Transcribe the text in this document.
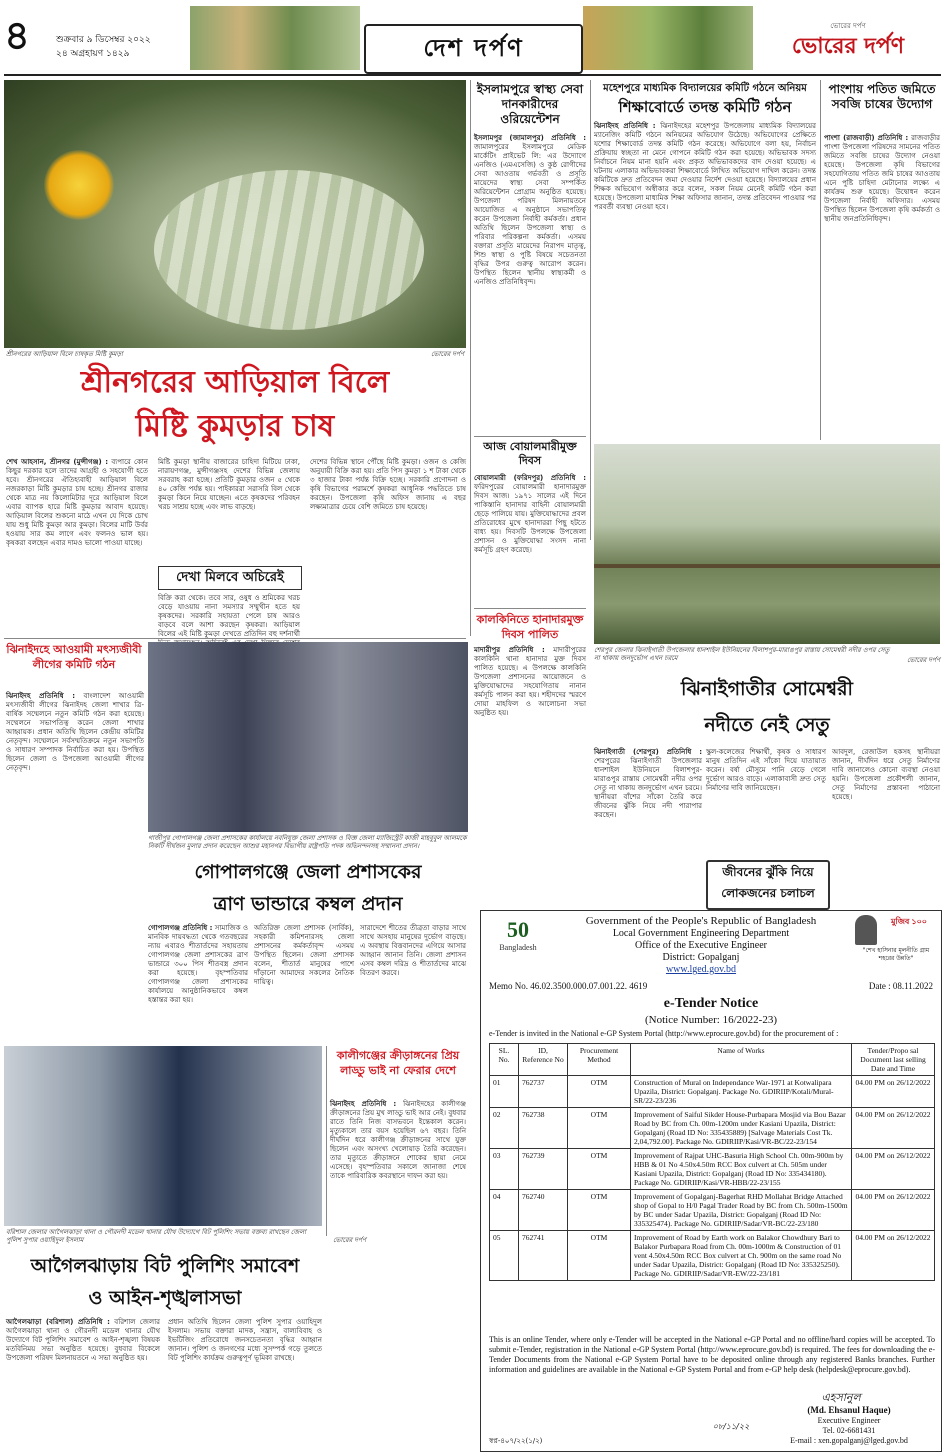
৪	শুক্রবার ৯ ডিসেম্বর ২০২২
২৪ অগ্রহায়ণ ১৪২৯	দেশ দর্পণ
ভোরের দর্পণ
ভোরের দর্পণ
শ্রীনগরের আড়িয়াল বিলে চাষকৃত মিষ্টি কুমড়া	ভোরের দর্পণ
শ্রীনগরের আড়িয়াল বিলে
মিষ্টি কুমড়ার চাষ
শেখ আহসান, শ্রীনগর (মুন্সীগঞ্জ) : ব্যপারে কোন কিছুর দরকার হলে তাদের আগ্রহী ও সহযোগী হতে হবে। শ্রীনগরের ঐতিহ্যবাহী আড়িয়াল বিলে নজরকাড়া মিষ্টি কুমড়ার চাষ হচ্ছে। শ্রীনগর রাজার থেকে মাত্র নয় কিলোমিটার দূরে আড়িয়াল বিলে এবার ব্যাপক হারে মিষ্টি কুমড়ার আবাদ হয়েছে। আড়িয়াল বিলের শুকনো মাঠে এখন যে দিকে চোখ যায় শুধু মিষ্টি কুমড়া আর কুমড়া। বিলের মাটি উর্বর হওয়ায় সার কম লাগে এবং ফলনও ভাল হয়। কৃষকরা বলছেন এবার দামও ভালো পাওয়া যাচ্ছে।
মিষ্টি কুমড়া স্থানীয় বাজারের চাহিদা মিটিয়ে ঢাকা, নারায়ণগঞ্জ, মুন্সীগঞ্জসহ দেশের বিভিন্ন জেলায় সরবরাহ করা হচ্ছে। প্রতিটি কুমড়ার ওজন ৫ থেকে ৪০ কেজি পর্যন্ত হয়। পাইকাররা সরাসরি বিল থেকে কুমড়া কিনে নিয়ে যাচ্ছেন। এতে কৃষকদের পরিবহন খরচ সাশ্রয় হচ্ছে এবং লাভ বাড়ছে।
দেশের বিভিন্ন স্থানে পৌঁছে মিষ্টি কুমড়া। ওজন ও কেজি অনুযায়ী বিক্রি করা হয়। প্রতি পিস কুমড়া ১ শ টাকা থেকে ৩ হাজার টাকা পর্যন্ত বিক্রি হচ্ছে। সরকারি প্রণোদনা ও কৃষি বিভাগের পরামর্শে কৃষকরা আধুনিক পদ্ধতিতে চাষ করছেন। উপজেলা কৃষি অফিস জানায় এ বছর লক্ষ্যমাত্রার চেয়ে বেশি জমিতে চাষ হয়েছে।
দেখা মিলবে অচিরেই
বিক্রি করা থেকে। তবে সার, ওষুধ ও শ্রমিকের খরচ বেড়ে যাওয়ায় নানা সমস্যার সম্মুখীন হতে হয় কৃষকদের। সরকারি সহায়তা পেলে চাষ আরও বাড়বে বলে আশা করছেন কৃষকরা। আড়িয়াল বিলের এই মিষ্টি কুমড়া দেখতে প্রতিদিন বহু দর্শনার্থী
ইসলামপুরে স্বাস্থ্য সেবা দানকারীদের ওরিয়েন্টেশন
ইসলামপুর (জামালপুর) প্রতিনিধি : জামালপুরের ইসলামপুরে মেডিক মার্কেটিং প্রাইভেট লি: এর উদ্যোগে এনজিও (এমএসেজি) ও কুষ্ঠ রোগীদের সেবা আওতায় গর্ভবতী ও প্রসূতি মায়েদের স্বাস্থ্য সেবা সম্পর্কিত অরিয়েন্টেশন প্রোগ্রাম অনুষ্ঠিত হয়েছে। উপজেলা পরিষদ মিলনায়তনে আয়োজিত এ অনুষ্ঠানে সভাপতিত্ব করেন উপজেলা নির্বাহী কর্মকর্তা। প্রধান অতিথি ছিলেন উপজেলা স্বাস্থ্য ও পরিবার পরিকল্পনা কর্মকর্তা। এসময় বক্তারা প্রসূতি মায়েদের নিরাপদ মাতৃত্ব, শিশু স্বাস্থ্য ও পুষ্টি বিষয়ে সচেতনতা বৃদ্ধির উপর গুরুত্ব আরোপ করেন। উপস্থিত ছিলেন স্থানীয় স্বাস্থ্যকর্মী ও এনজিও প্রতিনিধিবৃন্দ।
আজ বোয়ালমারীমুক্ত দিবস
বোয়ালমারী (ফরিদপুর) প্রতিনিধি : ফরিদপুরের বোয়ালমারী হানাদারমুক্ত দিবস আজ। ১৯৭১ সালের এই দিনে পাকিস্তানি হানাদার বাহিনী বোয়ালমারী ছেড়ে পালিয়ে যায়। মুক্তিযোদ্ধাদের প্রবল প্রতিরোধের মুখে হানাদাররা পিছু হটতে বাধ্য হয়। দিবসটি উপলক্ষে উপজেলা প্রশাসন ও মুক্তিযোদ্ধা সংসদ নানা কর্মসূচি গ্রহণ করেছে।
মহেশপুরে মাধ্যমিক বিদ্যালয়ের কমিটি গঠনে অনিয়ম
শিক্ষাবোর্ডে তদন্ত কমিটি গঠন
ঝিনাইদহ প্রতিনিধি : ঝিনাইদহের মহেশপুর উপজেলায় মাধ্যমিক বিদ্যালয়ের ম্যানেজিং কমিটি গঠনে অনিয়মের অভিযোগ উঠেছে। অভিযোগের প্রেক্ষিতে যশোর শিক্ষাবোর্ড তদন্ত কমিটি গঠন করেছে। অভিযোগে বলা হয়, নির্বাচন প্রক্রিয়ায় স্বচ্ছতা না মেনে গোপনে কমিটি গঠন করা হয়েছে। অভিভাবক সদস্য নির্বাচনে নিয়ম মানা হয়নি এবং প্রকৃত অভিভাবকদের বাদ দেওয়া হয়েছে। এ ঘটনায় এলাকার অভিভাবকরা শিক্ষাবোর্ডে লিখিত অভিযোগ দাখিল করেন। তদন্ত কমিটিকে দ্রুত প্রতিবেদন জমা দেওয়ার নির্দেশ দেওয়া হয়েছে। বিদ্যালয়ের প্রধান শিক্ষক অভিযোগ অস্বীকার করে বলেন, সকল নিয়ম মেনেই কমিটি গঠন করা হয়েছে। উপজেলা মাধ্যমিক শিক্ষা অফিসার জানান, তদন্ত প্রতিবেদন পাওয়ার পর পরবর্তী ব্যবস্থা নেওয়া হবে।
পাংশায় পতিত জমিতে সবজি চাষের উদ্যোগ
পাংশা (রাজবাড়ী) প্রতিনিধি : রাজবাড়ীর পাংশা উপজেলা পরিষদের সামনের পতিত জমিতে সবজি চাষের উদ্যোগ নেওয়া হয়েছে। উপজেলা কৃষি বিভাগের সহযোগিতায় পতিত জমি চাষের আওতায় এনে পুষ্টি চাহিদা মেটানোর লক্ষ্যে এ কার্যক্রম শুরু হয়েছে। উদ্বোধন করেন উপজেলা নির্বাহী অফিসার। এসময় উপস্থিত ছিলেন উপজেলা কৃষি কর্মকর্তা ও স্থানীয় জনপ্রতিনিধিবৃন্দ।
শেরপুর জেলার ঝিনাইগাতী উপজেলার ধানশাইল ইউনিয়নের বিলাশপুর-মারাঙপুর রাস্তায় সোমেশ্বরী নদীর ওপর সেতু না থাকায় জনদুর্ভোগ এখন চরমে	ভোরের দর্পণ
কালকিনিতে হানাদারমুক্ত দিবস পালিত
মাদারীপুর প্রতিনিধি : মাদারীপুরের কালকিনি থানা হানাদার মুক্ত দিবস পালিত হয়েছে। এ উপলক্ষে কালকিনি উপজেলা প্রশাসনের আয়োজনে ও মুক্তিযোদ্ধাদের সহযোগিতায় নানান কর্মসূচি পালন করা হয়। শহীদদের স্মরণে দোয়া মাহফিল ও আলোচনা সভা অনুষ্ঠিত হয়।
ঝিনাইগাতীর সোমেশ্বরী
নদীতে নেই সেতু
ঝিনাইগাতী (শেরপুর) প্রতিনিধি : শেরপুরের ঝিনাইগাতী উপজেলার ধানশাইল ইউনিয়নে বিলাশপুর-মারাঙপুর রাস্তায় সোমেশ্বরী নদীর ওপর সেতু না থাকায় জনদুর্ভোগ এখন চরমে। স্থানীয়রা বাঁশের সাঁকো তৈরি করে জীবনের ঝুঁকি নিয়ে নদী পারাপার করছেন।
জীবনের ঝুঁকি নিয়ে
লোকজনের চলাচল
স্কুল-কলেজের শিক্ষার্থী, কৃষক ও সাধারণ মানুষ প্রতিদিন এই সাঁকো দিয়ে যাতায়াত করেন। বর্ষা মৌসুমে পানি বেড়ে গেলে দুর্ভোগ আরও বাড়ে। এলাকাবাসী দ্রুত সেতু নির্মাণের দাবি জানিয়েছেন।
আবদুল, রেজাউল হকসহ স্থানীয়রা জানান, দীর্ঘদিন ধরে সেতু নির্মাণের দাবি জানালেও কোনো ব্যবস্থা নেওয়া হয়নি। উপজেলা প্রকৌশলী জানান, সেতু নির্মাণের প্রস্তাবনা পাঠানো হয়েছে।
ঝিনাইদহে আওয়ামী মৎস্যজীবী লীগের কমিটি গঠন
ঝিনাইদহ প্রতিনিধি : বাংলাদেশ আওয়ামী মৎস্যজীবী লীগের ঝিনাইদহ জেলা শাখার ত্রি-বার্ষিক সম্মেলনে নতুন কমিটি গঠন করা হয়েছে। সম্মেলনে সভাপতিত্ব করেন জেলা শাখার আহ্বায়ক। প্রধান অতিথি ছিলেন কেন্দ্রীয় কমিটির নেতৃবৃন্দ। সম্মেলনে সর্বসম্মতিক্রমে নতুন সভাপতি ও সাধারণ সম্পাদক নির্বাচিত করা হয়। উপস্থিত ছিলেন জেলা ও উপজেলা আওয়ামী লীগের নেতৃবৃন্দ।
গাজীপুর গোপালগঞ্জ জেলা প্রশাসকের কার্যালয়ে নবনিযুক্ত জেলা প্রশাসক ও বিজ্ঞ জেলা ম্যাজিস্ট্রেট কাজী মাহবুবুল আলমকে নিকটি দীর্ঘজন মুলার প্রদান করেছেন আশুর মহানগর বিভাগীয় রাষ্ট্রপতি পদক অভিনন্দনসহ সম্মাননা প্রদান।
গোপালগঞ্জে জেলা প্রশাসকের
ত্রাণ ভান্ডারে কম্বল প্রদান
গোপালগঞ্জ প্রতিনিধি : সামাজিক ও মানবিক দায়বদ্ধতা থেকে গতবছরের ন্যায় এবারও শীতার্তদের সহায়তায় গোপালগঞ্জ জেলা প্রশাসকের ত্রাণ ভান্ডারে ৩০০ পিস শীতবস্ত্র প্রদান করা হয়েছে। বৃহস্পতিবার গোপালগঞ্জ জেলা প্রশাসকের কার্যালয়ে আনুষ্ঠানিকভাবে কম্বল হস্তান্তর করা হয়।
অতিরিক্ত জেলা প্রশাসক (সার্বিক), সহকারী কমিশনারসহ জেলা প্রশাসনের কর্মকর্তাবৃন্দ এসময় উপস্থিত ছিলেন। জেলা প্রশাসক বলেন, শীতার্ত মানুষের পাশে দাঁড়ানো আমাদের সকলের নৈতিক দায়িত্ব।
সারাদেশে শীতের তীব্রতা বাড়ার সাথে সাথে অসহায় মানুষের দুর্ভোগ বাড়ছে। এ অবস্থায় বিত্তবানদের এগিয়ে আসার আহ্বান জানান তিনি। জেলা প্রশাসন এসব কম্বল দরিদ্র ও শীতার্তদের মাঝে বিতরণ করবে।
বরিশাল জেলার আগৈলঝাড়া থানা ও গৌরনদী মডেল থানার যৌথ উদ্যোগে বিট পুলিশিং সভায় বক্তব্য রাখছেন জেলা পুলিশ সুপার ওয়াহিদুল ইসলাম	ভোরের দর্পণ
কালীগঞ্জের ক্রীড়াঙ্গনের প্রিয় লাড্ডু ভাই না ফেরার দেশে
ঝিনাইদহ প্রতিনিধি : ঝিনাইদহের কালীগঞ্জ ক্রীড়াঙ্গনের প্রিয় মুখ লাড্ডু ভাই আর নেই। বুধবার রাতে তিনি নিজ বাসভবনে ইন্তেকাল করেন। মৃত্যুকালে তার বয়স হয়েছিল ৬৭ বছর। তিনি দীর্ঘদিন ধরে কালীগঞ্জ ক্রীড়াঙ্গনের সাথে যুক্ত ছিলেন এবং অসংখ্য খেলোয়াড় তৈরি করেছেন। তার মৃত্যুতে ক্রীড়াঙ্গনে শোকের ছায়া নেমে এসেছে। বৃহস্পতিবার সকালে জানাজা শেষে তাকে পারিবারিক কবরস্থানে দাফন করা হয়।
আগৈলঝাড়ায় বিট পুলিশিং সমাবেশ
ও আইন-শৃঙ্খলাসভা
আগৈলঝাড়া (বরিশাল) প্রতিনিধি : বরিশাল জেলার আগৈলঝাড়া থানা ও গৌরনদী মডেল থানার যৌথ উদ্যোগে বিট পুলিশিং সমাবেশ ও আইন-শৃঙ্খলা বিষয়ক মতবিনিময় সভা অনুষ্ঠিত হয়েছে। বুধবার বিকেলে উপজেলা পরিষদ মিলনায়তনে এ সভা অনুষ্ঠিত হয়।
প্রধান অতিথি ছিলেন জেলা পুলিশ সুপার ওয়াহিদুল ইসলাম। সভায় বক্তারা মাদক, সন্ত্রাস, বাল্যবিবাহ ও ইভটিজিং প্রতিরোধে জনসচেতনতা বৃদ্ধির আহ্বান জানান। পুলিশ ও জনগণের মধ্যে সুসম্পর্ক গড়ে তুলতে বিট পুলিশিং কার্যক্রম গুরুত্বপূর্ণ ভূমিকা রাখছে।
50
Bangladesh
Government of the People's Republic of Bangladesh
Local Government Engineering Department
Office of the Executive Engineer
District: Gopalganj
www.lged.gov.bd
মুজিব ১০০
"শেখ হাসিনার মূলনীতি গ্রাম শহরের উন্নতি"
Memo No. 46.02.3500.000.07.001.22. 4619	Date : 08.11.2022
e-Tender Notice
(Notice Number: 16/2022-23)
e-Tender is invited in the National e-GP System Portal (http://www.eprocure.gov.bd) for the procurement of :
SL. No.	ID, Reference No	Procurement Method	Name of Works	Tender/Propo sal Document last selling Date and Time
01	762737	OTM	Construction of Mural on Independance War-1971 at Kotwalipara Upazila, District: Gopalganj. Package No. GDIRIIP/Kotali/Mural-SR/22-23/236	04.00 PM on 26/12/2022
02	762738	OTM	Improvement of Saiful Sikder House-Purbapara Mosjid via Bou Bazar Road by BC from Ch. 00m-1200m under Kasiani Upazila, District: Gopalganj (Road ID No: 335435889) [Salvage Materials Cost Tk. 2,04,792.00]. Package No. GDIRIIP/Kasi/VR-BC/22-23/154	04.00 PM on 26/12/2022
03	762739	OTM	Improvement of Rajpat UHC-Basuria High School Ch. 00m-900m by HBB & 01 No 4.50x4.50m RCC Box culvert at Ch. 505m under Kasiani Upazila, District: Gopalganj (Road ID No: 335434180). Package No. GDIRIIP/Kasi/VR-HBB/22-23/155	04.00 PM on 26/12/2022
04	762740	OTM	Improvement of Gopalganj-Bagerhat RHD Mollahat Bridge Attached shop of Gopal to H/0 Pagal Trader Road by BC from Ch. 500m-1500m by BC under Sadar Upazila, District: Gopalganj (Road ID No: 335325474). Package No. GDIRIIP/Sadar/VR-BC/22-23/180	04.00 PM on 26/12/2022
05	762741	OTM	Improvement of Road by Earth work on Balakor Chowdhury Bari to Balakor Purbapara Road from Ch. 00m-1000m & Construction of 01 vent 4.50x4.50m RCC Box culvert at Ch. 900m on the same road No under Sadar Upazila, District: Gopalganj (Road ID No: 335325250). Package No. GDIRIIP/Sadar/VR-EW/22-23/181	04.00 PM on 26/12/2022
This is an online Tender, where only e-Tender will be accepted in the National e-GP Portal and no offline/hard copies will be accepted. To submit e-Tender, registration in the National e-GP System Portal (http://www.eprocure.gov.bd) is required. The fees for downloading the e-Tender Documents from the National e-GP System Portal have to be deposited online through any registered Banks branches. Further information and guidelines are available in the National e-GP System Portal and from e-GP help desk (helpdesk@eprocure.gov.bd).
এহসানুল
(Md. Ehsanul Haque)
Executive Engineer
Tel. 02-6681431
E-mail : xen.gopalganj@lged.gov.bd
০৮/১১/২২
স্বপ্ন-৪০৭/২২(১/২)
